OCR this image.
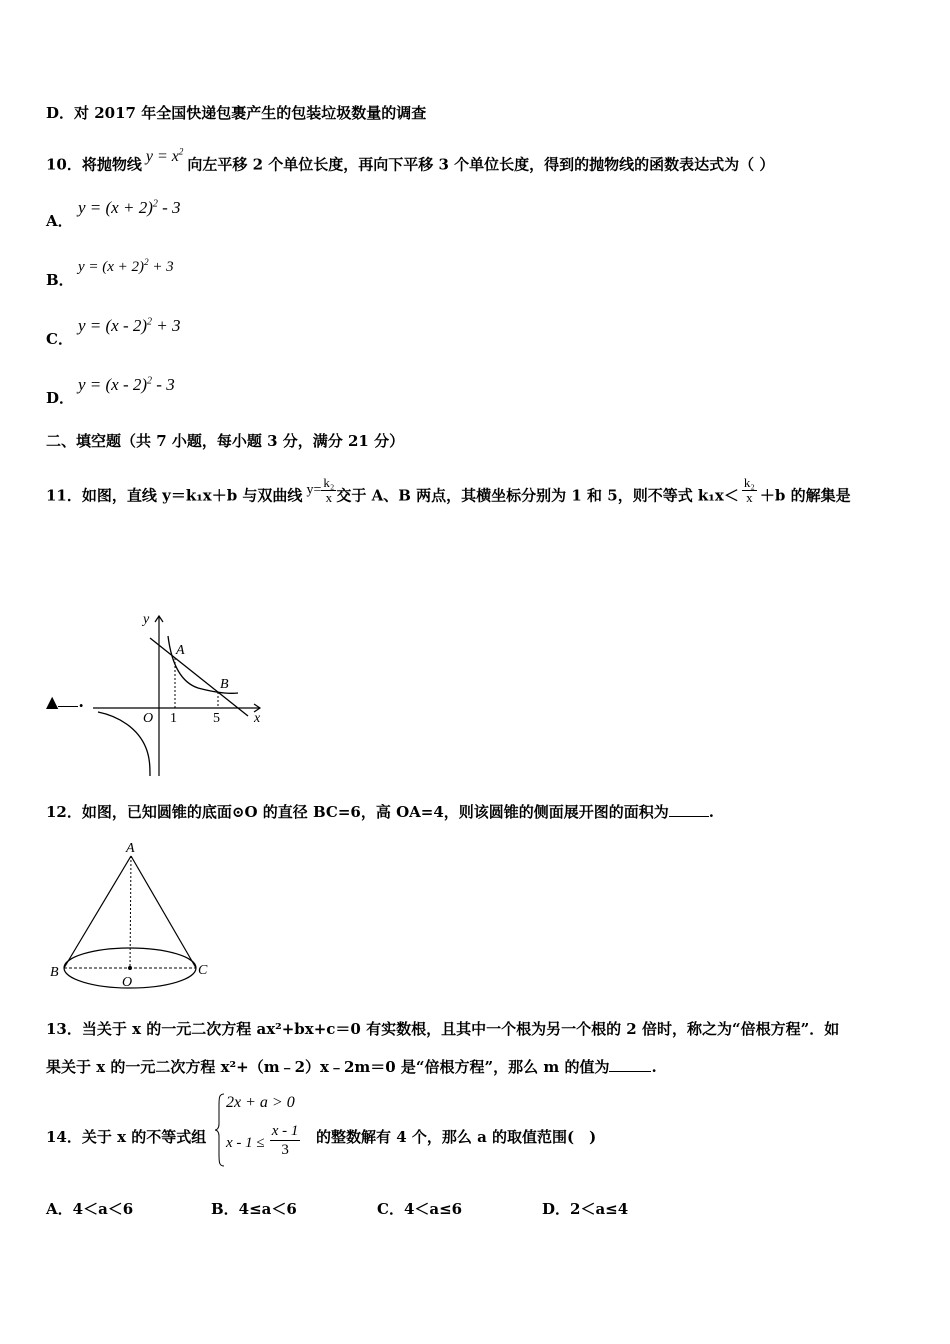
D．对 2017 年全国快递包裹产生的包装垃圾数量的调查
10．将抛物线 $y = x^2$向左平移 2 个单位长度，再向下平移 3 个单位长度，得到的抛物线的函数表达式为（ ）
A．
$y = (x + 2)^2 - 3$
B．
$y = (x + 2)^2 + 3$
C．
y = (x - 2)$^2$ + 3
D．
y = (x - 2)$^2$ - 3
二、填空题（共 7 小题，每小题 3 分，满分 21 分）
11．如图，直线 y＝k₁x＋b 与双曲线 $y= \frac{\text{k₂}}{x}$ 交于 A、B 两点，其横坐标分别为 1 和 5，则不等式 $k_1x< \frac{\text{k₂}}{x} +b$ 的解集是
▲ .
y
x
O 1	5
A
B
12．如图，已知圆锥的底面⊙O 的直径 BC=6，高 OA=4，则该圆锥的侧面展开图的面积为	.
A
B	C
O
13．当关于 x 的一元二次方程 ax²+bx+c＝0 有实数根，且其中一个根为另一个根的 2 倍时，称之为“倍根方程”．如
果关于 x 的一元二次方程 x²+（m﹣2）x﹣2m＝0 是“倍根方程”，那么 m 的值为	.
14．关于 x 的不等式组
2x + a > 0
$x - 1 \le \frac{x - 1}{3}$ 的整数解有 4 个，那么 a 的取值范围(　)
A．4＜a＜6	B．4≤a＜6	C．4＜a≤6	D．2＜a≤4
